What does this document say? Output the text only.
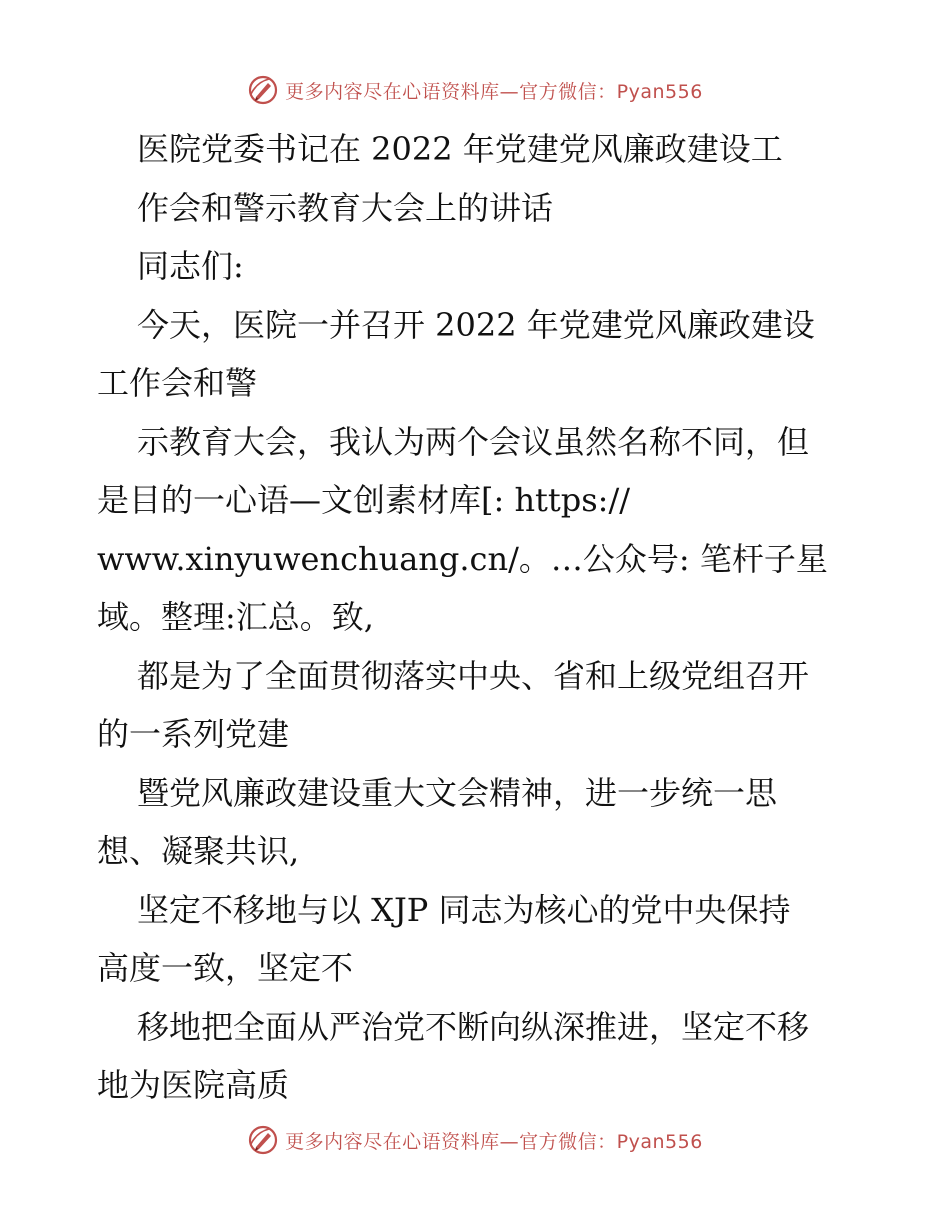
更多内容尽在心语资料库—官方微信：Pyan556
医院党委书记在 2022 年党建党风廉政建设工
作会和警示教育大会上的讲话
同志们:
今天，医院一并召开 2022 年党建党风廉政建设
工作会和警
示教育大会，我认为两个会议虽然名称不同，但
是目的一心语—文创素材库[: https://
www.xinyuwenchuang.cn/。…公众号: 笔杆子星
域。整理:汇总。致,
都是为了全面贯彻落实中央、省和上级党组召开
的一系列党建
暨党风廉政建设重大文会精神，进一步统一思
想、凝聚共识,
坚定不移地与以 XJP 同志为核心的党中央保持
高度一致，坚定不
移地把全面从严治党不断向纵深推进，坚定不移
地为医院高质
更多内容尽在心语资料库—官方微信：Pyan556
